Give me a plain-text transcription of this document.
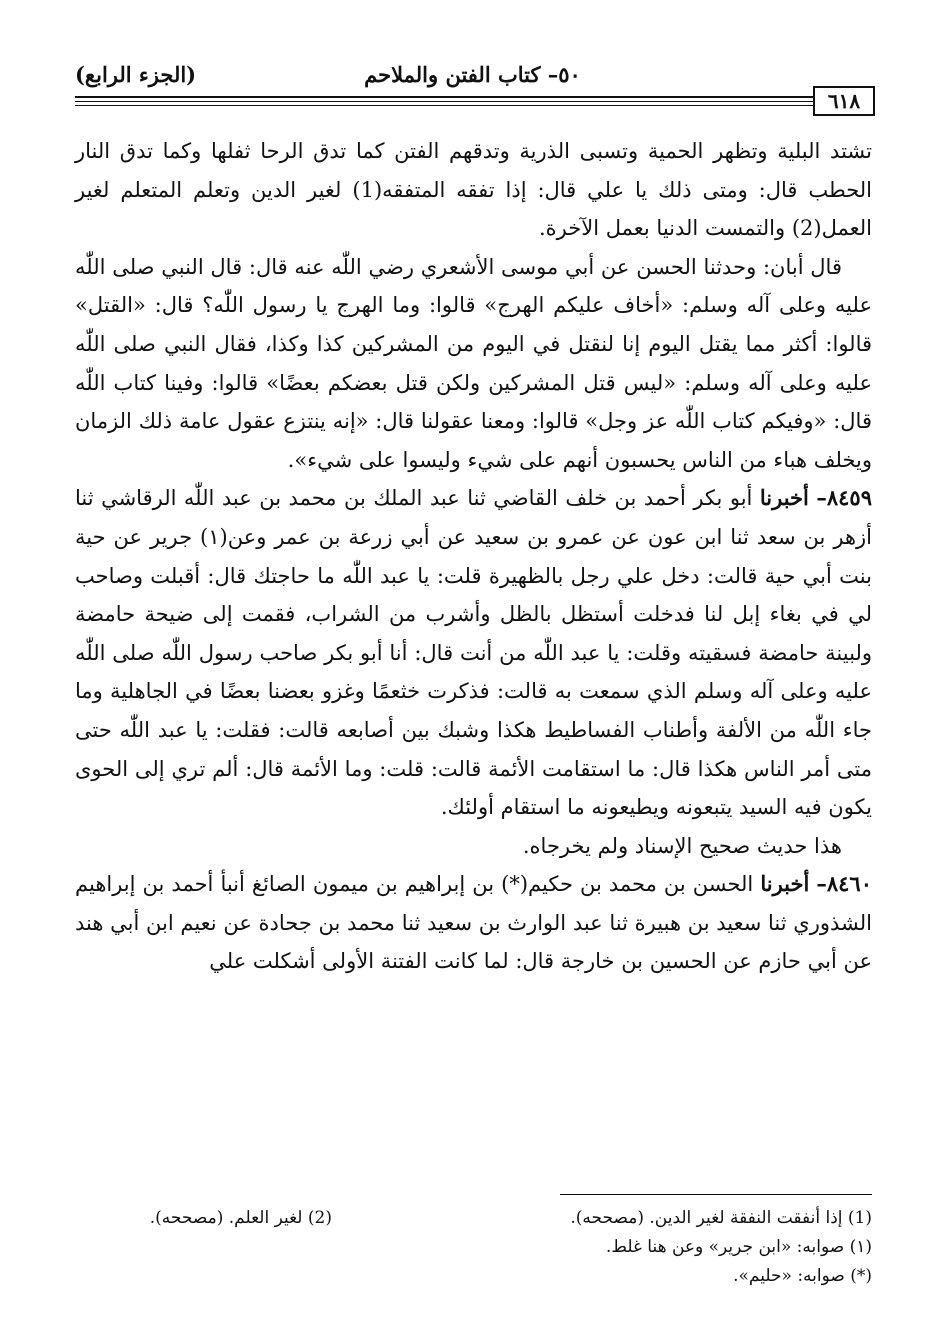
٥٠– كتاب الفتن والملاحم
(الجزء الرابع)
٦١٨

تشتد البلية وتظهر الحمية وتسبى الذرية وتدقهم الفتن كما تدق الرحا ثفلها وكما تدق النار الحطب قال: ومتى ذلك يا علي قال: إذا تفقه المتفقه(1) لغير الدين وتعلم المتعلم لغير العمل(2) والتمست الدنيا بعمل الآخرة.

قال أبان: وحدثنا الحسن عن أبي موسى الأشعري رضي اللّٰه عنه قال: قال النبي صلى اللّٰه عليه وعلى آله وسلم: «أخاف عليكم الهرج» قالوا: وما الهرج يا رسول اللّٰه؟ قال: «القتل» قالوا: أكثر مما يقتل اليوم إنا لنقتل في اليوم من المشركين كذا وكذا، فقال النبي صلى اللّٰه عليه وعلى آله وسلم: «ليس قتل المشركين ولكن قتل بعضكم بعضًا» قالوا: وفينا كتاب اللّٰه قال: «وفيكم كتاب اللّٰه عز وجل» قالوا: ومعنا عقولنا قال: «إنه ينتزع عقول عامة ذلك الزمان ويخلف هباء من الناس يحسبون أنهم على شيء وليسوا على شيء».

٨٤٥٩– أخبرنا أبو بكر أحمد بن خلف القاضي ثنا عبد الملك بن محمد بن عبد اللّٰه الرقاشي ثنا أزهر بن سعد ثنا ابن عون عن عمرو بن سعيد عن أبي زرعة بن عمر وعن(١) جرير عن حية بنت أبي حية قالت: دخل علي رجل بالظهيرة قلت: يا عبد اللّٰه ما حاجتك قال: أقبلت وصاحب لي في بغاء إبل لنا فدخلت أستظل بالظل وأشرب من الشراب، فقمت إلى ضيحة حامضة ولبينة حامضة فسقيته وقلت: يا عبد اللّٰه من أنت قال: أنا أبو بكر صاحب رسول اللّٰه صلى اللّٰه عليه وعلى آله وسلم الذي سمعت به قالت: فذكرت خثعمًا وغزو بعضنا بعضًا في الجاهلية وما جاء اللّٰه من الألفة وأطناب الفساطيط هكذا وشبك بين أصابعه قالت: فقلت: يا عبد اللّٰه حتى متى أمر الناس هكذا قال: ما استقامت الأئمة قالت: قلت: وما الأئمة قال: ألم تري إلى الحوى يكون فيه السيد يتبعونه ويطيعونه ما استقام أولئك.

هذا حديث صحيح الإسناد ولم يخرجاه.

٨٤٦٠– أخبرنا الحسن بن محمد بن حكيم(*) بن إبراهيم بن ميمون الصائغ أنبأ أحمد بن إبراهيم الشذوري ثنا سعيد بن هبيرة ثنا عبد الوارث بن سعيد ثنا محمد بن جحادة عن نعيم ابن أبي هند عن أبي حازم عن الحسين بن خارجة قال: لما كانت الفتنة الأولى أشكلت علي

(1) إذا أنفقت النفقة لغير الدين. (مصححه).
(2) لغير العلم. (مصححه).
(١) صوابه: «ابن جرير» وعن هنا غلط.
(*) صوابه: «حليم».
